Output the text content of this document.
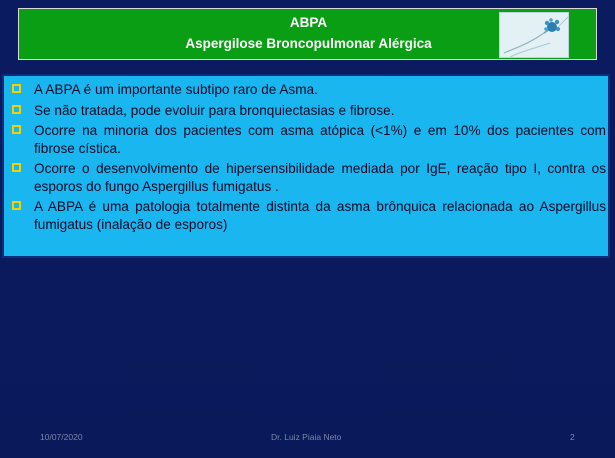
ABPA
Aspergilose Broncopulmonar Alérgica
A ABPA é um importante subtipo raro de Asma.
Se não tratada, pode evoluir para bronquiectasias e fibrose.
Ocorre na minoria dos pacientes com asma atópica (<1%) e em 10% dos pacientes com fibrose cística.
Ocorre o desenvolvimento de hipersensibilidade mediada por IgE, reação tipo I, contra os esporos do fungo Aspergillus fumigatus .
A ABPA é uma patologia totalmente distinta da asma brônquica relacionada ao Aspergillus fumigatus (inalação de esporos)
10/07/2020	Dr. Luiz Piaia Neto	2
